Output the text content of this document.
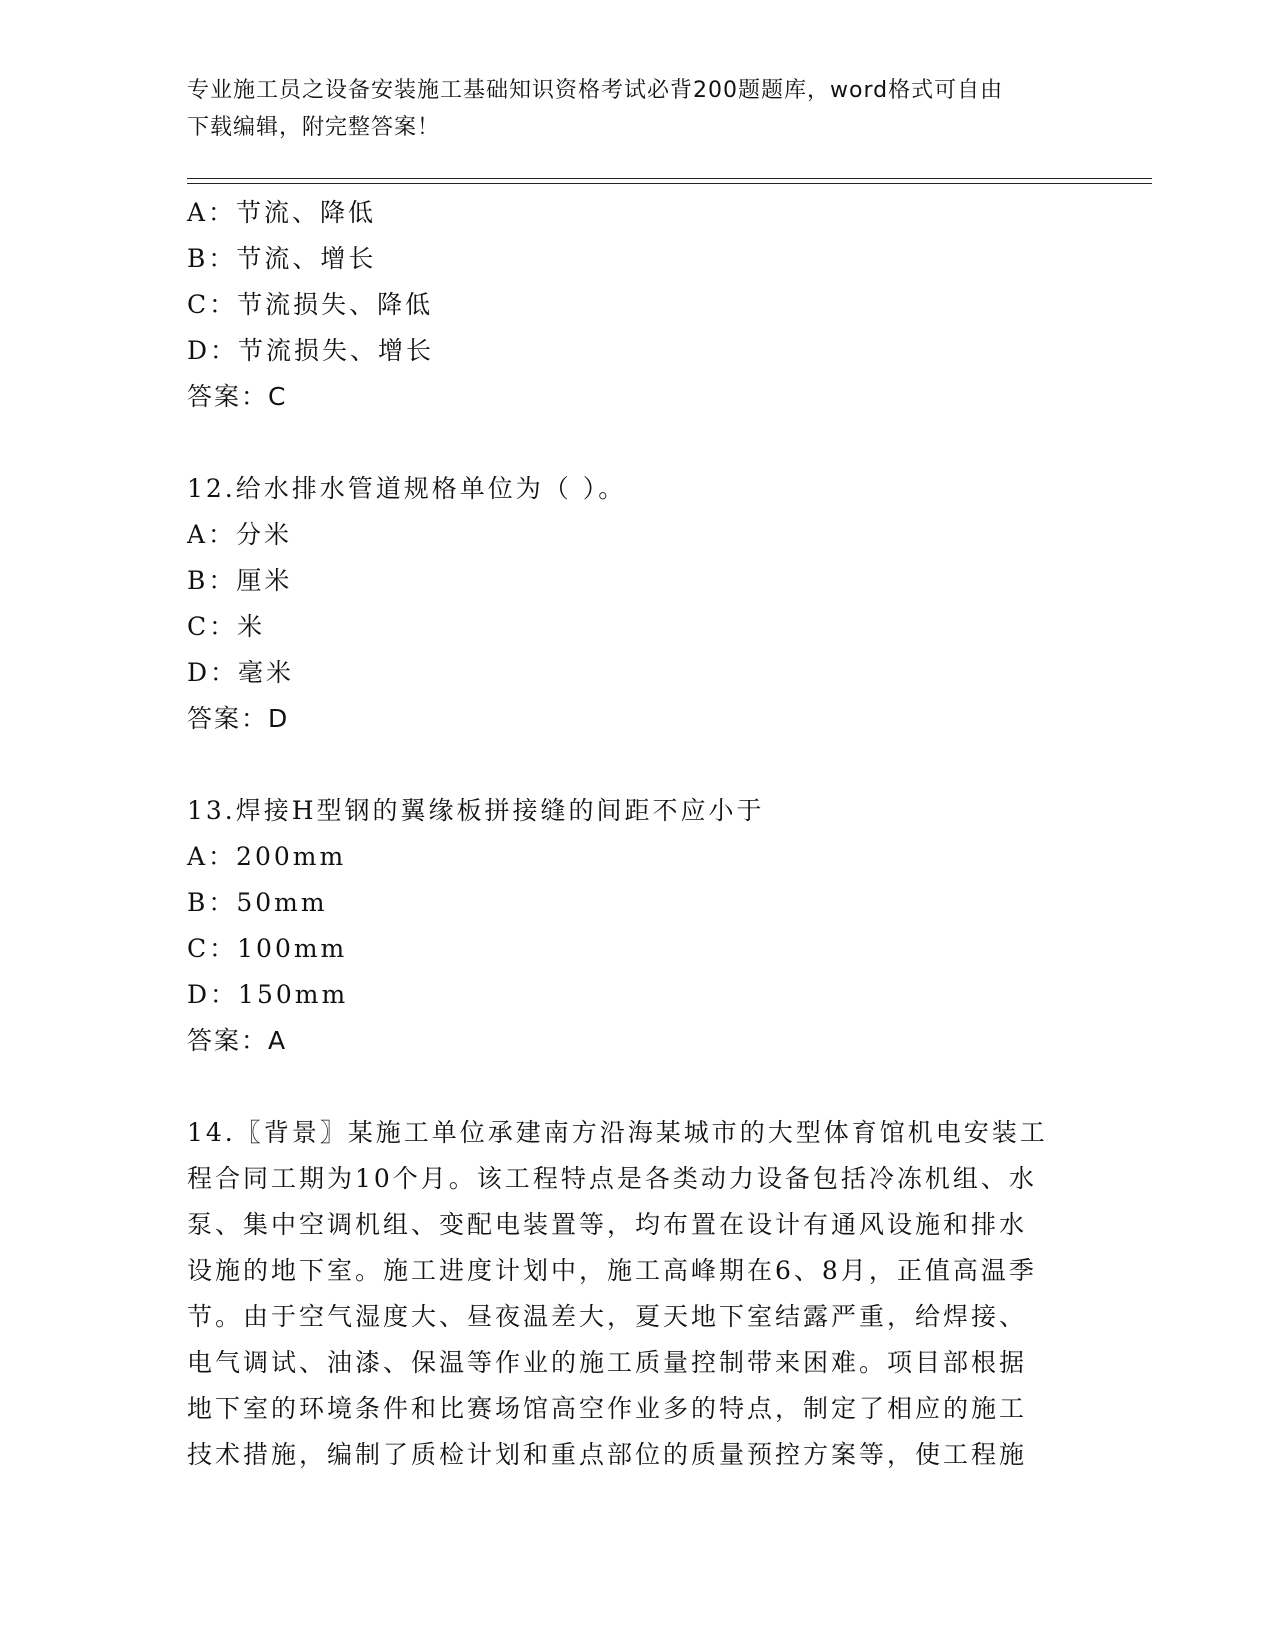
专业施工员之设备安装施工基础知识资格考试必背200题题库，word格式可自由
下载编辑，附完整答案！
A：节流、降低
B：节流、增长
C：节流损失、降低
D：节流损失、增长
答案：C
12.给水排水管道规格单位为（ ）。
A：分米
B：厘米
C：米
D：毫米
答案：D
13.焊接H型钢的翼缘板拼接缝的间距不应小于
A：200mm
B：50mm
C：100mm
D：150mm
答案：A
14.〖背景〗某施工单位承建南方沿海某城市的大型体育馆机电安装工
程合同工期为10个月。该工程特点是各类动力设备包括冷冻机组、水
泵、集中空调机组、变配电装置等，均布置在设计有通风设施和排水
设施的地下室。施工进度计划中，施工高峰期在6、8月，正值高温季
节。由于空气湿度大、昼夜温差大，夏天地下室结露严重，给焊接、
电气调试、油漆、保温等作业的施工质量控制带来困难。项目部根据
地下室的环境条件和比赛场馆高空作业多的特点，制定了相应的施工
技术措施，编制了质检计划和重点部位的质量预控方案等，使工程施
